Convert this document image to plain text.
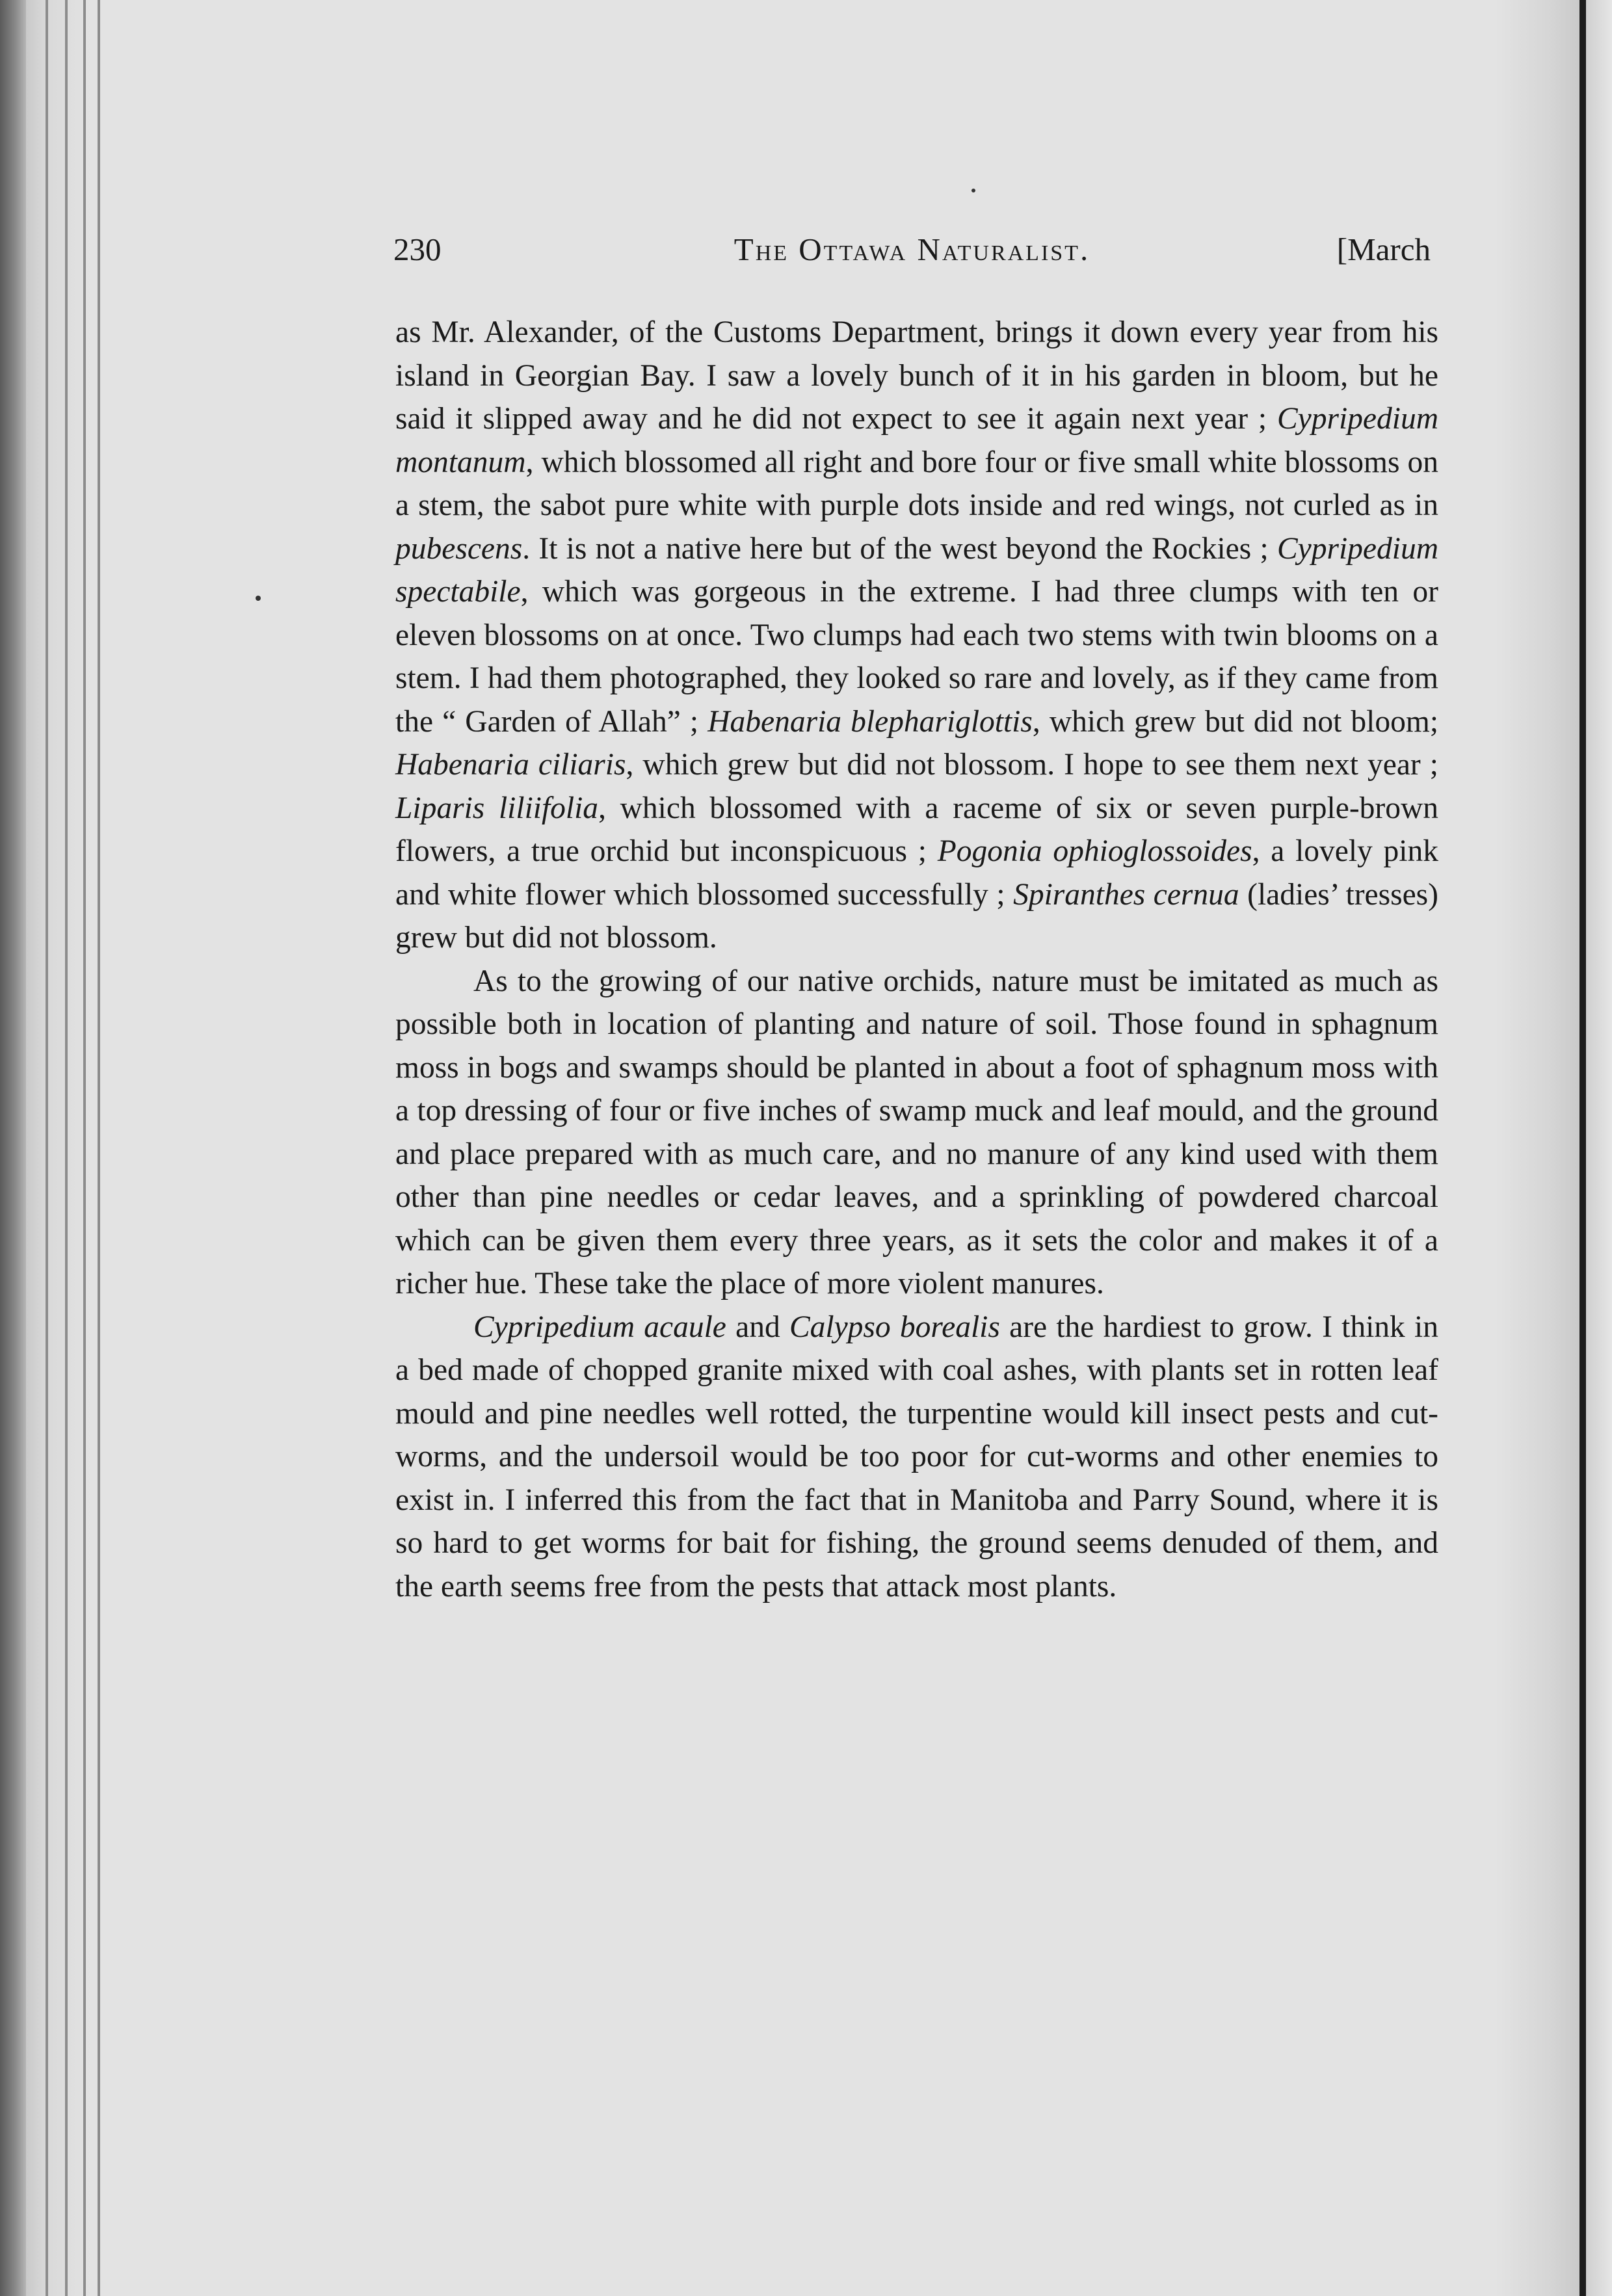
230	The Ottawa Naturalist.	[March

as Mr. Alexander, of the Customs Department, brings it down every year from his island in Georgian Bay. I saw a lovely bunch of it in his garden in bloom, but he said it slipped away and he did not expect to see it again next year ; Cypripedium montanum, which blossomed all right and bore four or five small white blossoms on a stem, the sabot pure white with purple dots inside and red wings, not curled as in pubescens. It is not a native here but of the west beyond the Rockies ; Cypripedium spectabile, which was gorgeous in the extreme. I had three clumps with ten or eleven blossoms on at once. Two clumps had each two stems with twin blooms on a stem. I had them photographed, they looked so rare and lovely, as if they came from the “ Garden of Allah” ; Habenaria blephariglottis, which grew but did not bloom; Habenaria ciliaris, which grew but did not blossom. I hope to see them next year ; Liparis liliifolia, which blossomed with a raceme of six or seven purple-brown flowers, a true orchid but inconspicuous ; Pogonia ophioglossoides, a lovely pink and white flower which blossomed successfully ; Spiranthes cernua (ladies’ tresses) grew but did not blossom.

As to the growing of our native orchids, nature must be imitated as much as possible both in location of planting and nature of soil. Those found in sphagnum moss in bogs and swamps should be planted in about a foot of sphagnum moss with a top dressing of four or five inches of swamp muck and leaf mould, and the ground and place prepared with as much care, and no manure of any kind used with them other than pine needles or cedar leaves, and a sprinkling of powdered charcoal which can be given them every three years, as it sets the color and makes it of a richer hue. These take the place of more violent manures.

Cypripedium acaule and Calypso borealis are the hardiest to grow. I think in a bed made of chopped granite mixed with coal ashes, with plants set in rotten leaf mould and pine needles well rotted, the turpentine would kill insect pests and cut-worms, and the undersoil would be too poor for cut-worms and other enemies to exist in. I inferred this from the fact that in Manitoba and Parry Sound, where it is so hard to get worms for bait for fishing, the ground seems denuded of them, and the earth seems free from the pests that attack most plants.
